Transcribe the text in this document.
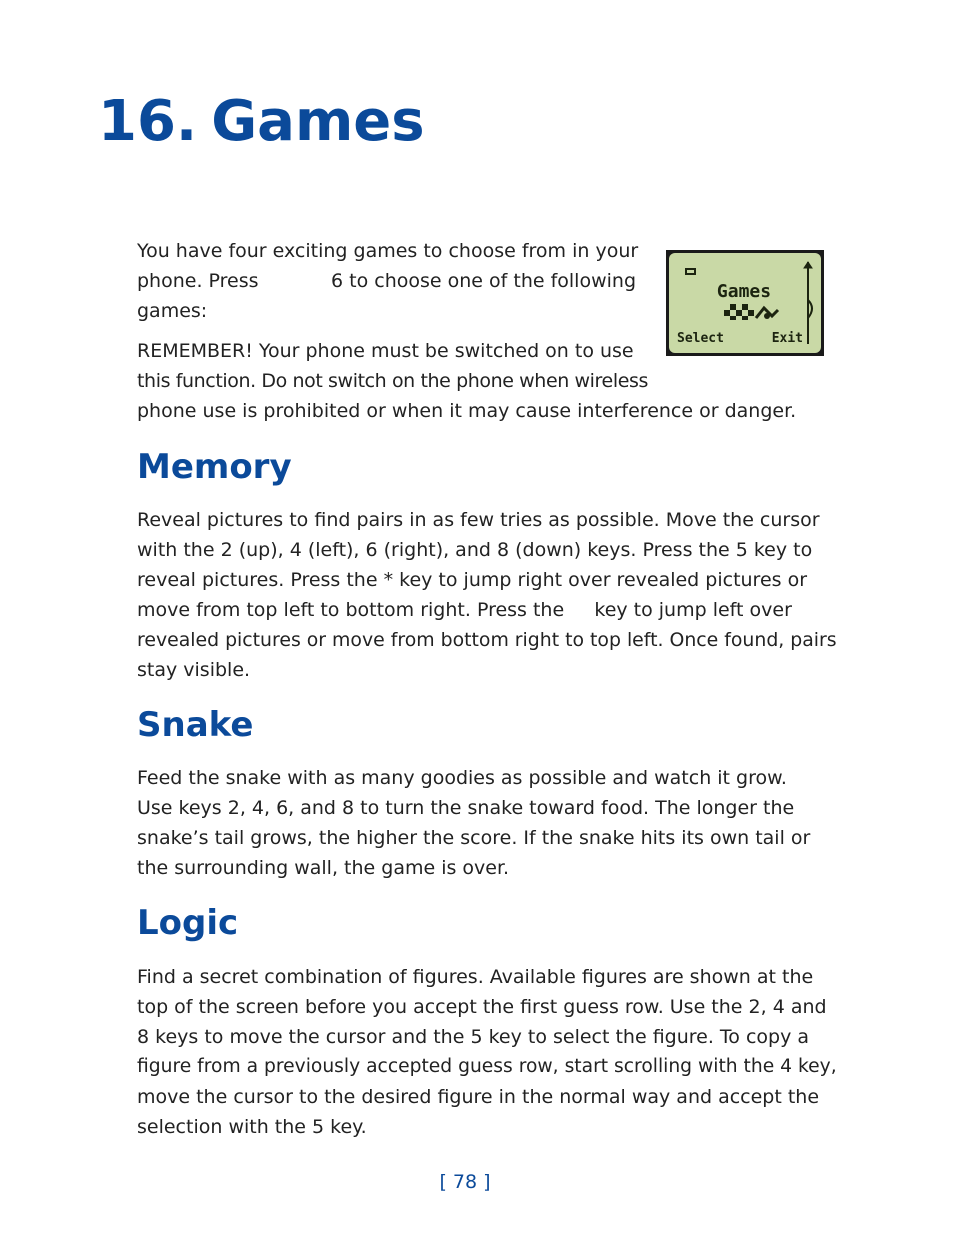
16. Games

You have four exciting games to choose from in your
phone. Press            6 to choose one of the following
games:

Games
Select	Exit

REMEMBER! Your phone must be switched on to use
this function. Do not switch on the phone when wireless
phone use is prohibited or when it may cause interference or danger.

Memory

Reveal pictures to find pairs in as few tries as possible. Move the cursor
with the 2 (up), 4 (left), 6 (right), and 8 (down) keys. Press the 5 key to
reveal pictures. Press the * key to jump right over revealed pictures or
move from top left to bottom right. Press the     key to jump left over
revealed pictures or move from bottom right to top left. Once found, pairs
stay visible.

Snake

Feed the snake with as many goodies as possible and watch it grow.
Use keys 2, 4, 6, and 8 to turn the snake toward food. The longer the
snake’s tail grows, the higher the score. If the snake hits its own tail or
the surrounding wall, the game is over.

Logic

Find a secret combination of figures. Available figures are shown at the
top of the screen before you accept the first guess row. Use the 2, 4 and
8 keys to move the cursor and the 5 key to select the figure. To copy a
figure from a previously accepted guess row, start scrolling with the 4 key,
move the cursor to the desired figure in the normal way and accept the
selection with the 5 key.

[ 78 ]
